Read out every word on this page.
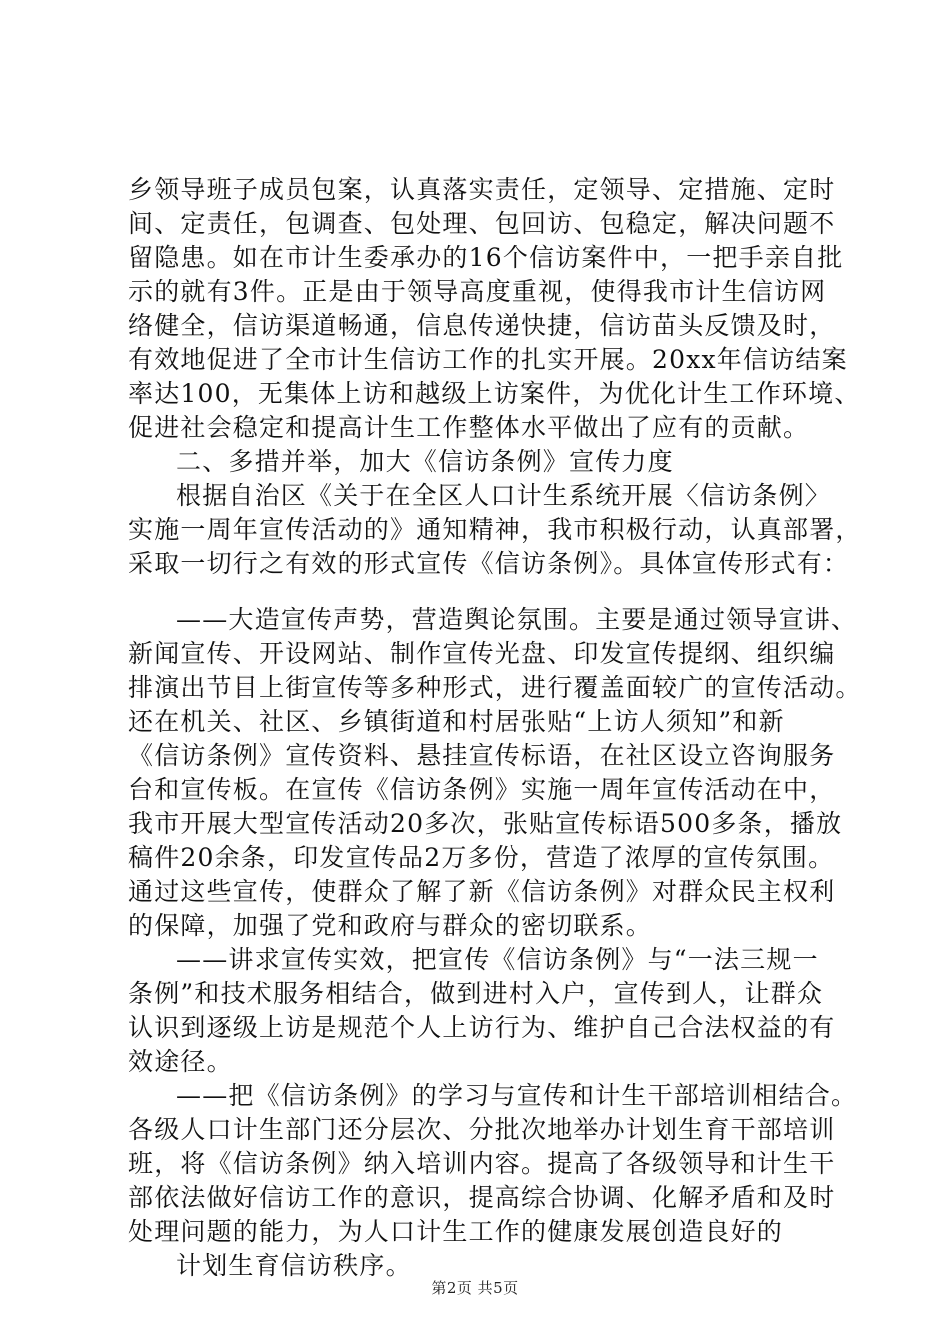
乡领导班子成员包案，认真落实责任，定领导、定措施、定时
间、定责任，包调查、包处理、包回访、包稳定，解决问题不
留隐患。如在市计生委承办的16个信访案件中，一把手亲自批
示的就有3件。正是由于领导高度重视，使得我市计生信访网
络健全，信访渠道畅通，信息传递快捷，信访苗头反馈及时，
有效地促进了全市计生信访工作的扎实开展。20xx年信访结案
率达100，无集体上访和越级上访案件，为优化计生工作环境、
促进社会稳定和提高计生工作整体水平做出了应有的贡献。
二、多措并举，加大《信访条例》宣传力度
根据自治区《关于在全区人口计生系统开展〈信访条例〉
实施一周年宣传活动的》通知精神，我市积极行动，认真部署，
采取一切行之有效的形式宣传《信访条例》。具体宣传形式有：
——大造宣传声势，营造舆论氛围。主要是通过领导宣讲、
新闻宣传、开设网站、制作宣传光盘、印发宣传提纲、组织编
排演出节目上街宣传等多种形式，进行覆盖面较广的宣传活动。
还在机关、社区、乡镇街道和村居张贴“上访人须知”和新
《信访条例》宣传资料、悬挂宣传标语，在社区设立咨询服务
台和宣传板。在宣传《信访条例》实施一周年宣传活动在中，
我市开展大型宣传活动20多次，张贴宣传标语500多条，播放
稿件20余条，印发宣传品2万多份，营造了浓厚的宣传氛围。
通过这些宣传，使群众了解了新《信访条例》对群众民主权利
的保障，加强了党和政府与群众的密切联系。
——讲求宣传实效，把宣传《信访条例》与“一法三规一
条例”和技术服务相结合，做到进村入户，宣传到人，让群众
认识到逐级上访是规范个人上访行为、维护自己合法权益的有
效途径。
——把《信访条例》的学习与宣传和计生干部培训相结合。
各级人口计生部门还分层次、分批次地举办计划生育干部培训
班，将《信访条例》纳入培训内容。提高了各级领导和计生干
部依法做好信访工作的意识，提高综合协调、化解矛盾和及时
处理问题的能力，为人口计生工作的健康发展创造良好的
计划生育信访秩序。
第2页 共5页
